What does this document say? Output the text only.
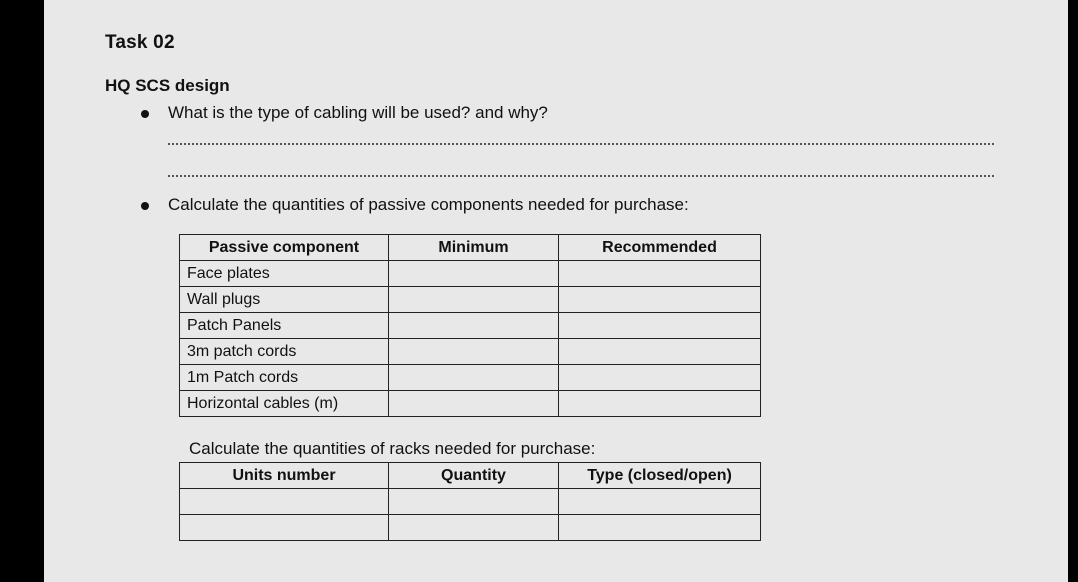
Task 02
HQ SCS design
What is the type of cabling will be used? and why?
Calculate the quantities of passive components needed for purchase:
Passive component	Minimum	Recommended
Face plates		
Wall plugs		
Patch Panels		
3m patch cords		
1m Patch cords		
Horizontal cables (m)		
Calculate the quantities of racks needed for purchase:
Units number	Quantity	Type (closed/open)
